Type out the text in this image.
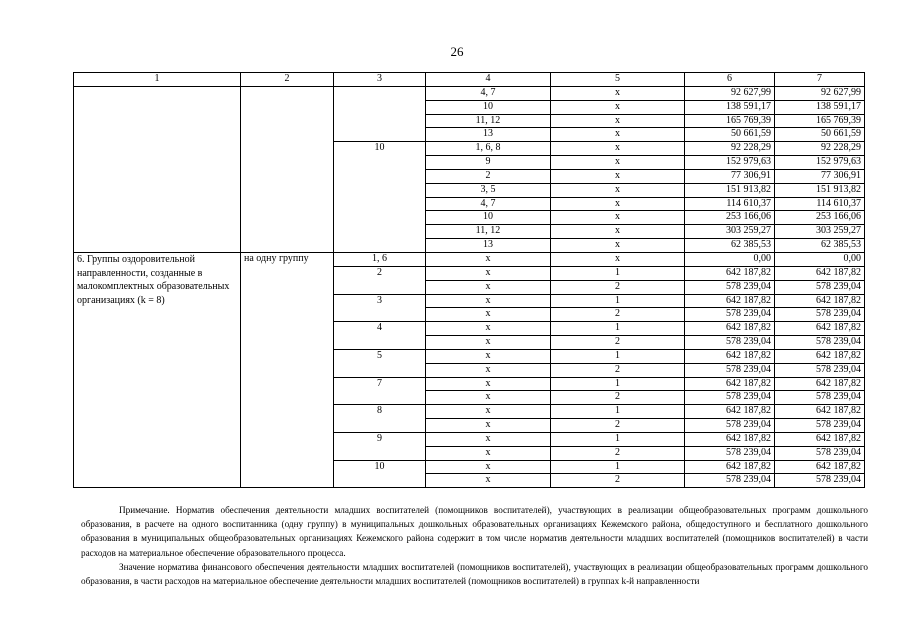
26
1	2	3	4	5	6	7
			4, 7	x	92 627,99	92 627,99
			10	x	138 591,17	138 591,17
			11, 12	x	165 769,39	165 769,39
			13	x	50 661,59	50 661,59
		10	1, 6, 8	x	92 228,29	92 228,29
			9	x	152 979,63	152 979,63
			2	x	77 306,91	77 306,91
			3, 5	x	151 913,82	151 913,82
			4, 7	x	114 610,37	114 610,37
			10	x	253 166,06	253 166,06
			11, 12	x	303 259,27	303 259,27
			13	x	62 385,53	62 385,53
6. Группы оздоровительной направленности, созданные в малокомплектных образовательных организациях (k = 8)	на одну группу	1, 6	x	x	0,00	0,00
		2	x	1	642 187,82	642 187,82
			x	2	578 239,04	578 239,04
		3	x	1	642 187,82	642 187,82
			x	2	578 239,04	578 239,04
		4	x	1	642 187,82	642 187,82
			x	2	578 239,04	578 239,04
		5	x	1	642 187,82	642 187,82
			x	2	578 239,04	578 239,04
		7	x	1	642 187,82	642 187,82
			x	2	578 239,04	578 239,04
		8	x	1	642 187,82	642 187,82
			x	2	578 239,04	578 239,04
		9	x	1	642 187,82	642 187,82
			x	2	578 239,04	578 239,04
		10	x	1	642 187,82	642 187,82
			x	2	578 239,04	578 239,04

Примечание. Норматив обеспечения деятельности младших воспитателей (помощников воспитателей), участвующих в реализации общеобразовательных программ дошкольного образования, в расчете на одного воспитанника (одну группу) в муниципальных дошкольных образовательных организациях Кежемского района, общедоступного и бесплатного дошкольного образования в муниципальных общеобразовательных организациях Кежемского района содержит в том числе норматив деятельности младших воспитателей (помощников воспитателей) в части расходов на материальное обеспечение образовательного процесса.

Значение норматива финансового обеспечения деятельности младших воспитателей (помощников воспитателей), участвующих в реализации общеобразовательных программ дошкольного образования, в части расходов на материальное обеспечение деятельности младших воспитателей (помощников воспитателей) в группах k-й направленности
